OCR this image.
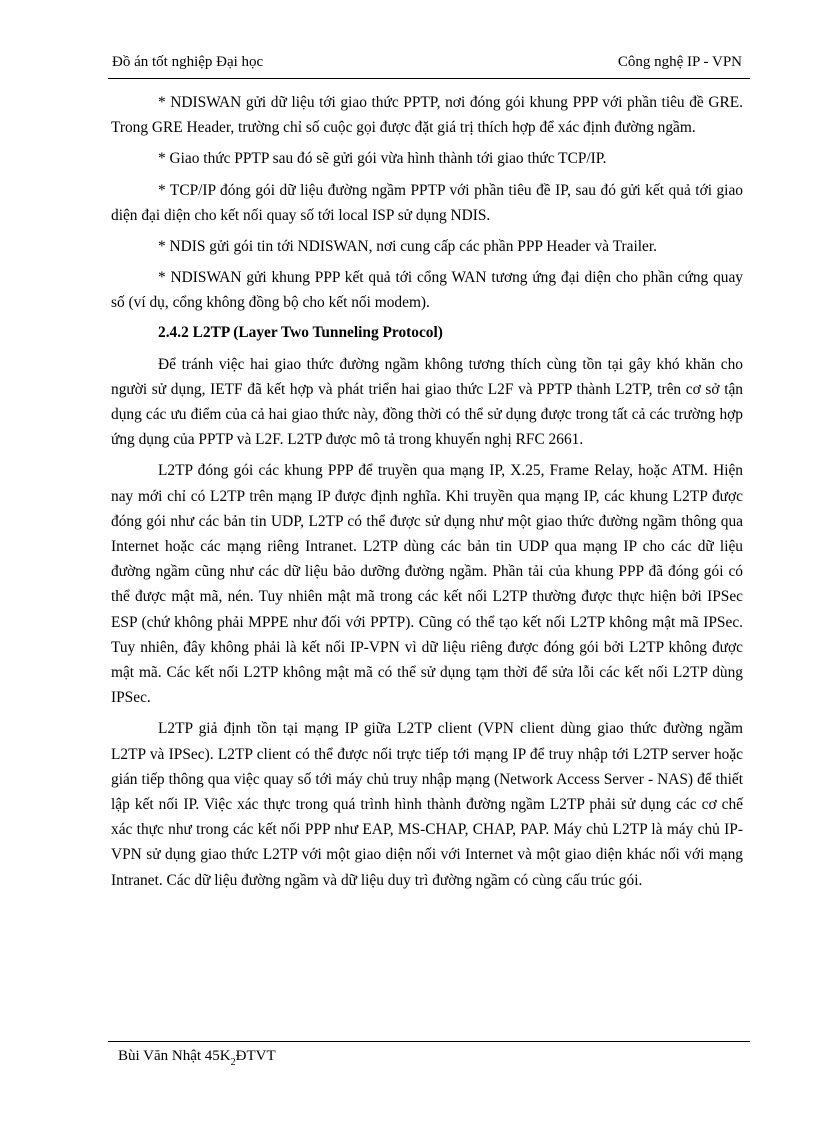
Đồ án tốt nghiệp Đại học	Công nghệ IP - VPN

* NDISWAN gửi dữ liệu tới giao thức PPTP, nơi đóng gói khung PPP với phần tiêu đề GRE. Trong GRE Header, trường chỉ số cuộc gọi được đặt giá trị thích hợp để xác định đường ngầm.

* Giao thức PPTP sau đó sẽ gửi gói vừa hình thành tới giao thức TCP/IP.

* TCP/IP đóng gói dữ liệu đường ngầm PPTP với phần tiêu đề IP, sau đó gửi kết quả tới giao diện đại diện cho kết nối quay số tới local ISP sử dụng NDIS.

* NDIS gửi gói tin tới NDISWAN, nơi cung cấp các phần PPP Header và Trailer.

* NDISWAN gửi khung PPP kết quả tới cổng WAN tương ứng đại diện cho phần cứng quay số (ví dụ, cổng không đồng bộ cho kết nối modem).

2.4.2 L2TP (Layer Two Tunneling Protocol)

Để tránh việc hai giao thức đường ngầm không tương thích cùng tồn tại gây khó khăn cho người sử dụng, IETF đã kết hợp và phát triển hai giao thức L2F và PPTP thành L2TP, trên cơ sở tận dụng các ưu điểm của cả hai giao thức này, đồng thời có thể sử dụng được trong tất cả các trường hợp ứng dụng của PPTP và L2F. L2TP được mô tả trong khuyến nghị RFC 2661.

L2TP đóng gói các khung PPP để truyền qua mạng IP, X.25, Frame Relay, hoặc ATM. Hiện nay mới chỉ có L2TP trên mạng IP được định nghĩa. Khi truyền qua mạng IP, các khung L2TP được đóng gói như các bản tin UDP, L2TP có thể được sử dụng như một giao thức đường ngầm thông qua Internet hoặc các mạng riêng Intranet. L2TP dùng các bản tin UDP qua mạng IP cho các dữ liệu đường ngầm cũng như các dữ liệu bảo dưỡng đường ngầm. Phần tải của khung PPP đã đóng gói có thể được mật mã, nén. Tuy nhiên mật mã trong các kết nối L2TP thường được thực hiện bởi IPSec ESP (chứ không phải MPPE như đối với PPTP). Cũng có thể tạo kết nối L2TP không mật mã IPSec. Tuy nhiên, đây không phải là kết nối IP-VPN vì dữ liệu riêng được đóng gói bởi L2TP không được mật mã. Các kết nối L2TP không mật mã có thể sử dụng tạm thời để sửa lỗi các kết nối L2TP dùng IPSec.

L2TP giả định tồn tại mạng IP giữa L2TP client (VPN client dùng giao thức đường ngầm L2TP và IPSec). L2TP client có thể được nối trực tiếp tới mạng IP để truy nhập tới L2TP server hoặc gián tiếp thông qua việc quay số tới máy chủ truy nhập mạng (Network Access Server - NAS) để thiết lập kết nối IP. Việc xác thực trong quá trình hình thành đường ngầm L2TP phải sử dụng các cơ chế xác thực như trong các kết nối PPP như EAP, MS-CHAP, CHAP, PAP. Máy chủ L2TP là máy chủ IP-VPN sử dụng giao thức L2TP với một giao diện nối với Internet và một giao diện khác nối với mạng Intranet. Các dữ liệu đường ngầm và dữ liệu duy trì đường ngầm có cùng cấu trúc gói.

Bùi Văn Nhật $45K_2ĐTVT$
